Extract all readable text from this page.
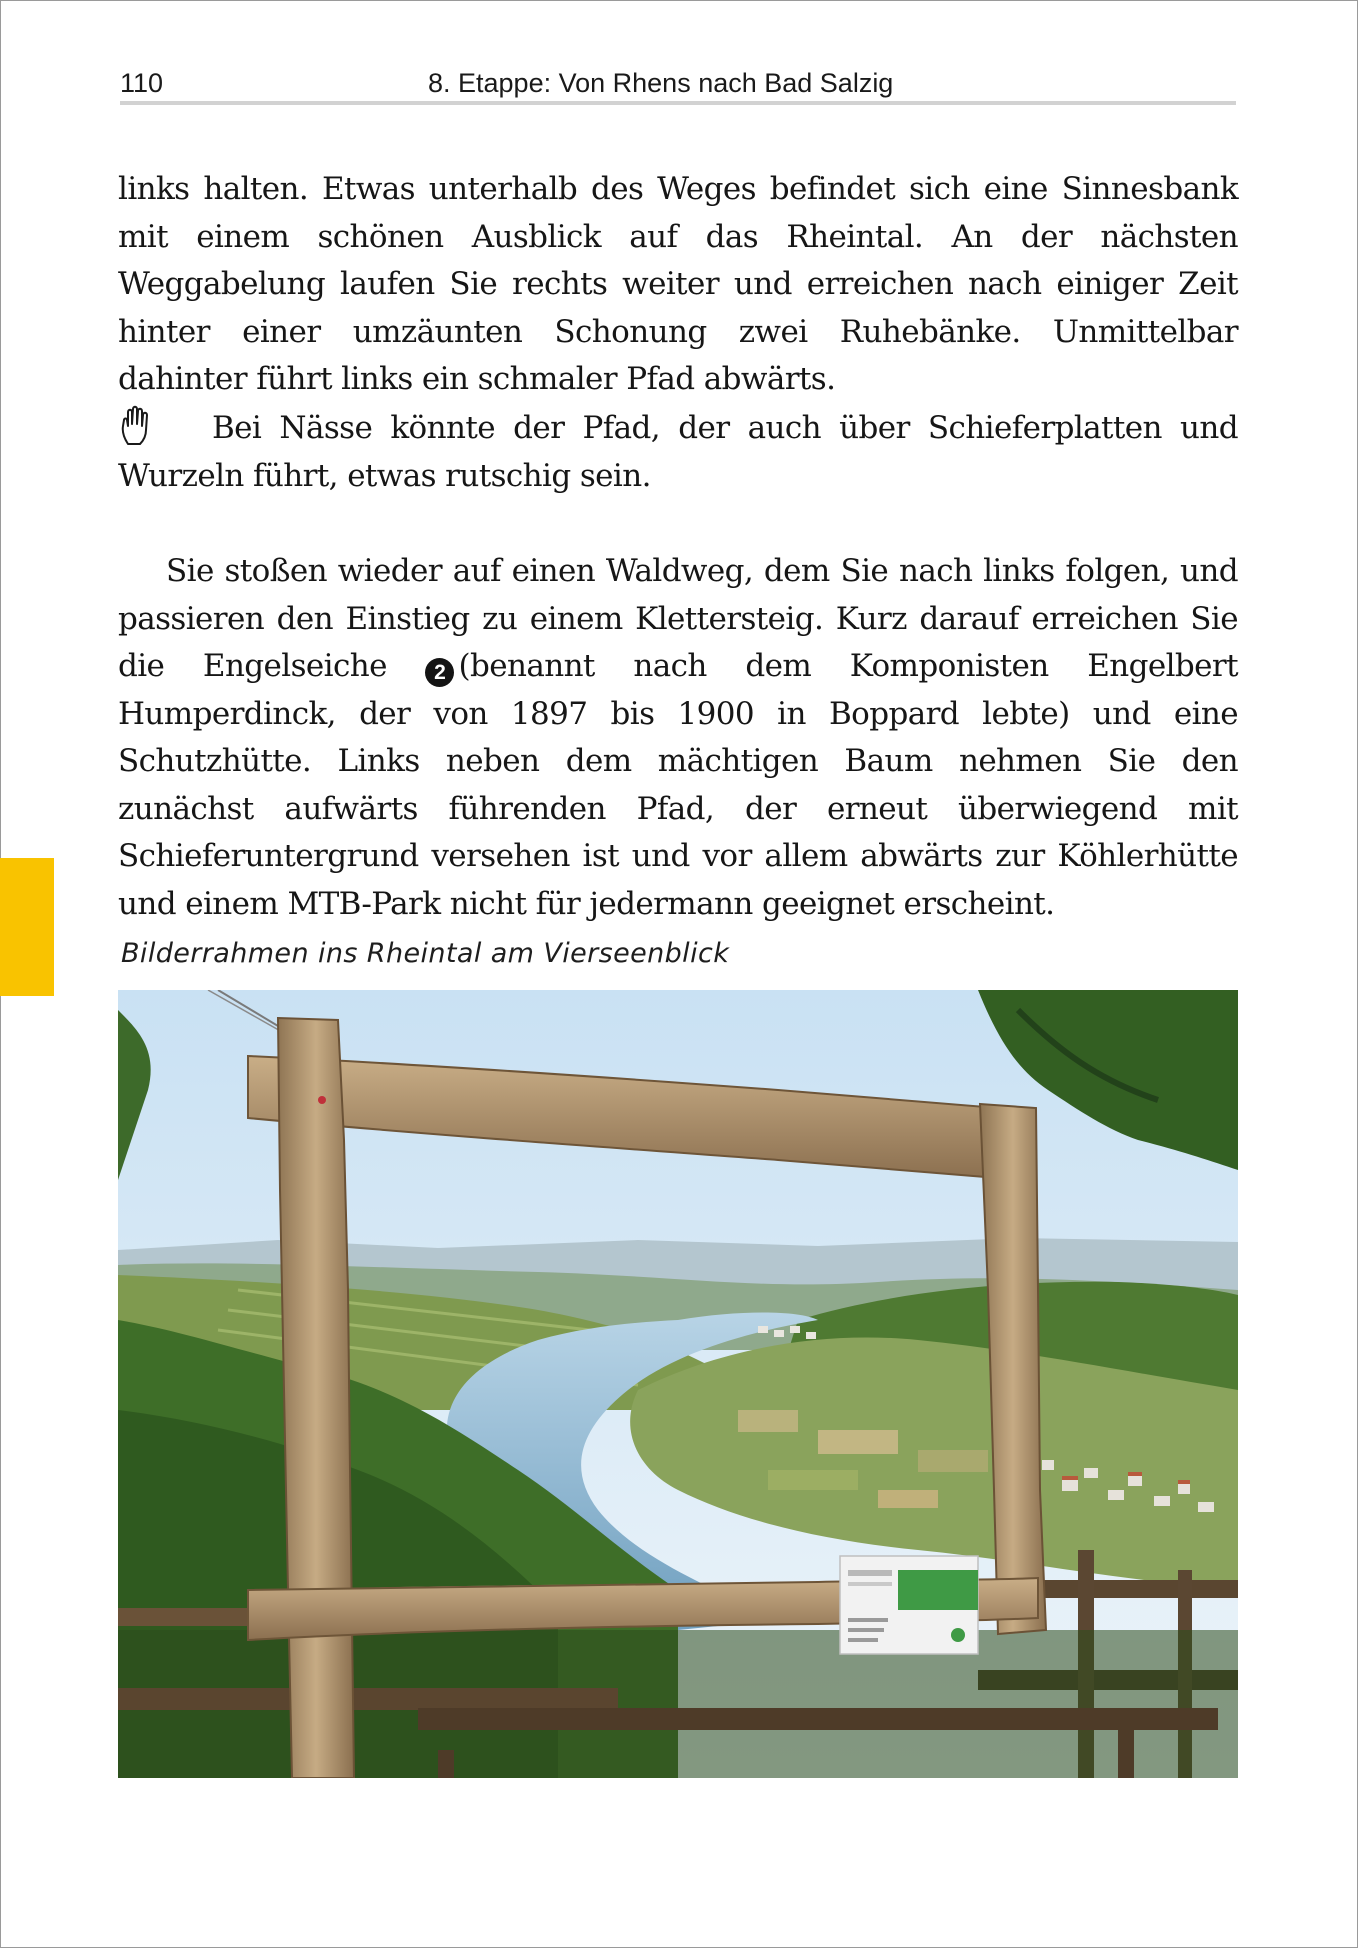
110	8. Etappe: Von Rhens nach Bad Salzig

links halten. Etwas unterhalb des Weges befindet sich eine Sinnesbank mit einem schönen Ausblick auf das Rheintal. An der nächsten Weggabelung laufen Sie rechts weiter und erreichen nach einiger Zeit hinter einer umzäunten Schonung zwei Ruhebänke. Unmittelbar dahinter führt links ein schmaler Pfad abwärts.

Bei Nässe könnte der Pfad, der auch über Schieferplatten und Wurzeln führt, etwas rutschig sein.

Sie stoßen wieder auf einen Waldweg, dem Sie nach links folgen, und passieren den Einstieg zu einem Klettersteig. Kurz darauf erreichen Sie die Engelseiche 2 (benannt nach dem Komponisten Engelbert Humperdinck, der von 1897 bis 1900 in Boppard lebte) und eine Schutzhütte. Links neben dem mächtigen Baum nehmen Sie den zunächst aufwärts führenden Pfad, der erneut überwiegend mit Schieferuntergrund versehen ist und vor allem abwärts zur Köhlerhütte und einem MTB-Park nicht für jedermann geeignet erscheint.

Bilderrahmen ins Rheintal am Vierseenblick
